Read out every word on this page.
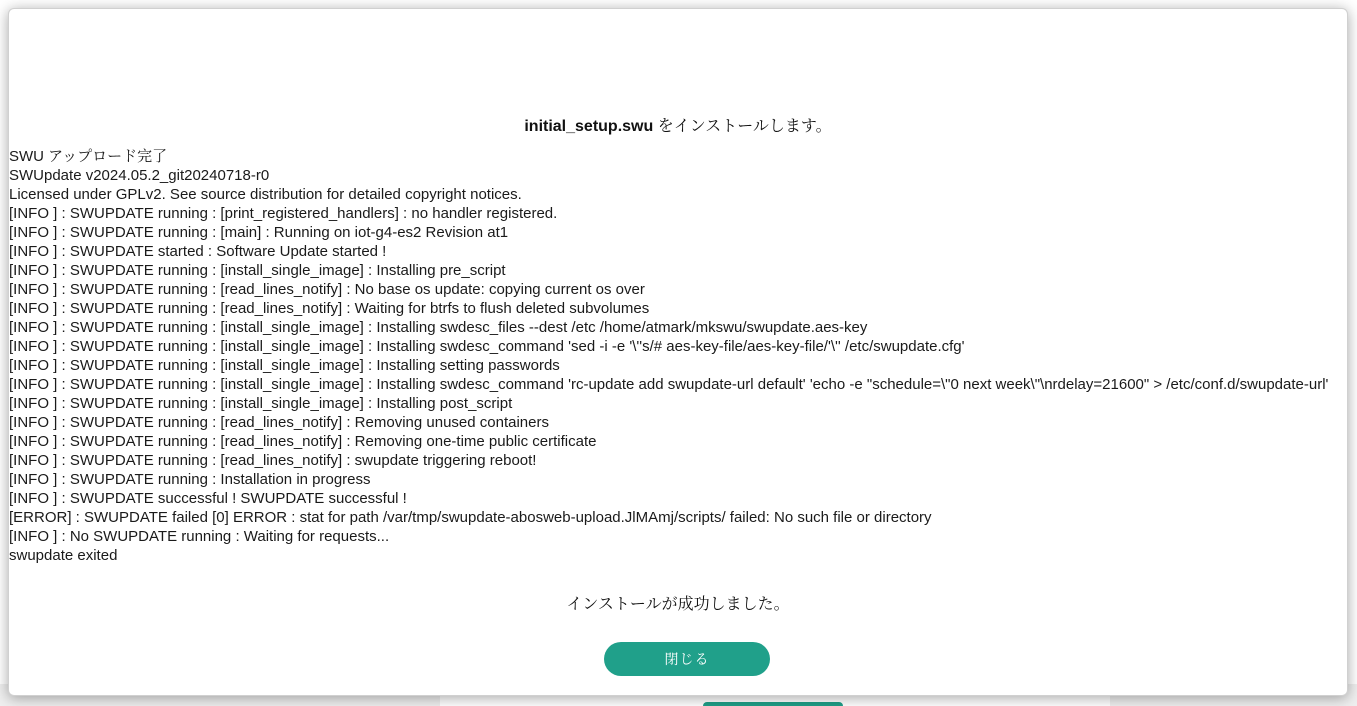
initial_setup.swu をインストールします。
SWU アップロード完了
SWUpdate v2024.05.2_git20240718-r0
Licensed under GPLv2. See source distribution for detailed copyright notices.
[INFO ] : SWUPDATE running : [print_registered_handlers] : no handler registered.
[INFO ] : SWUPDATE running : [main] : Running on iot-g4-es2 Revision at1
[INFO ] : SWUPDATE started : Software Update started !
[INFO ] : SWUPDATE running : [install_single_image] : Installing pre_script
[INFO ] : SWUPDATE running : [read_lines_notify] : No base os update: copying current os over
[INFO ] : SWUPDATE running : [read_lines_notify] : Waiting for btrfs to flush deleted subvolumes
[INFO ] : SWUPDATE running : [install_single_image] : Installing swdesc_files --dest /etc /home/atmark/mkswu/swupdate.aes-key
[INFO ] : SWUPDATE running : [install_single_image] : Installing swdesc_command 'sed -i -e '\''s/# aes-key-file/aes-key-file/'\'' /etc/swupdate.cfg'
[INFO ] : SWUPDATE running : [install_single_image] : Installing setting passwords
[INFO ] : SWUPDATE running : [install_single_image] : Installing swdesc_command 'rc-update add swupdate-url default' 'echo -e "schedule=\"0 next week\"\nrdelay=21600" > /etc/conf.d/swupdate-url'
[INFO ] : SWUPDATE running : [install_single_image] : Installing post_script
[INFO ] : SWUPDATE running : [read_lines_notify] : Removing unused containers
[INFO ] : SWUPDATE running : [read_lines_notify] : Removing one-time public certificate
[INFO ] : SWUPDATE running : [read_lines_notify] : swupdate triggering reboot!
[INFO ] : SWUPDATE running : Installation in progress
[INFO ] : SWUPDATE successful ! SWUPDATE successful !
[ERROR] : SWUPDATE failed [0] ERROR : stat for path /var/tmp/swupdate-abosweb-upload.JlMAmj/scripts/ failed: No such file or directory
[INFO ] : No SWUPDATE running : Waiting for requests...
swupdate exited
インストールが成功しました。
閉じる
